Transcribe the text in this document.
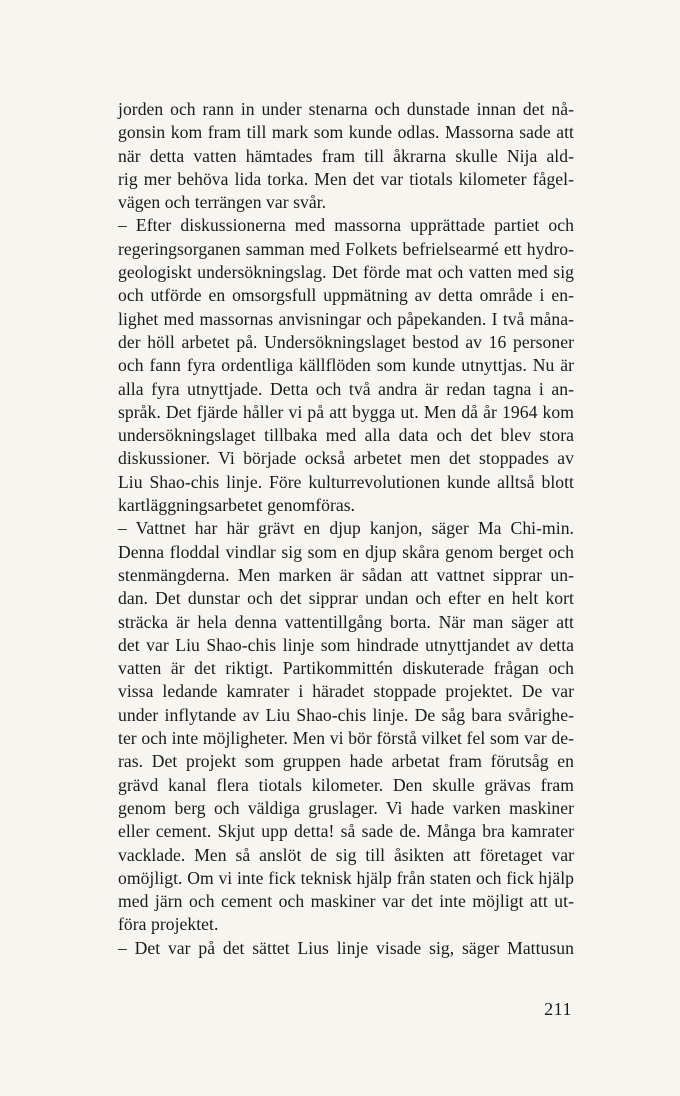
jorden och rann in under stenarna och dunstade innan det nå-
gonsin kom fram till mark som kunde odlas. Massorna sade att
när detta vatten hämtades fram till åkrarna skulle Nija ald-
rig mer behöva lida torka. Men det var tiotals kilometer fågel-
vägen och terrängen var svår.
– Efter diskussionerna med massorna upprättade partiet och
regeringsorganen samman med Folkets befrielsearmé ett hydro-
geologiskt undersökningslag. Det förde mat och vatten med sig
och utförde en omsorgsfull uppmätning av detta område i en-
lighet med massornas anvisningar och påpekanden. I två måna-
der höll arbetet på. Undersökningslaget bestod av 16 personer
och fann fyra ordentliga källflöden som kunde utnyttjas. Nu är
alla fyra utnyttjade. Detta och två andra är redan tagna i an-
språk. Det fjärde håller vi på att bygga ut. Men då år 1964 kom
undersökningslaget tillbaka med alla data och det blev stora
diskussioner. Vi började också arbetet men det stoppades av
Liu Shao-chis linje. Före kulturrevolutionen kunde alltså blott
kartläggningsarbetet genomföras.
– Vattnet har här grävt en djup kanjon, säger Ma Chi-min.
Denna floddal vindlar sig som en djup skåra genom berget och
stenmängderna. Men marken är sådan att vattnet sipprar un-
dan. Det dunstar och det sipprar undan och efter en helt kort
sträcka är hela denna vattentillgång borta. När man säger att
det var Liu Shao-chis linje som hindrade utnyttjandet av detta
vatten är det riktigt. Partikommittén diskuterade frågan och
vissa ledande kamrater i häradet stoppade projektet. De var
under inflytande av Liu Shao-chis linje. De såg bara svårighe-
ter och inte möjligheter. Men vi bör förstå vilket fel som var de-
ras. Det projekt som gruppen hade arbetat fram förutsåg en
grävd kanal flera tiotals kilometer. Den skulle grävas fram
genom berg och väldiga gruslager. Vi hade varken maskiner
eller cement. Skjut upp detta! så sade de. Många bra kamrater
vacklade. Men så anslöt de sig till åsikten att företaget var
omöjligt. Om vi inte fick teknisk hjälp från staten och fick hjälp
med järn och cement och maskiner var det inte möjligt att ut-
föra projektet.
– Det var på det sättet Lius linje visade sig, säger Mattusun
211
